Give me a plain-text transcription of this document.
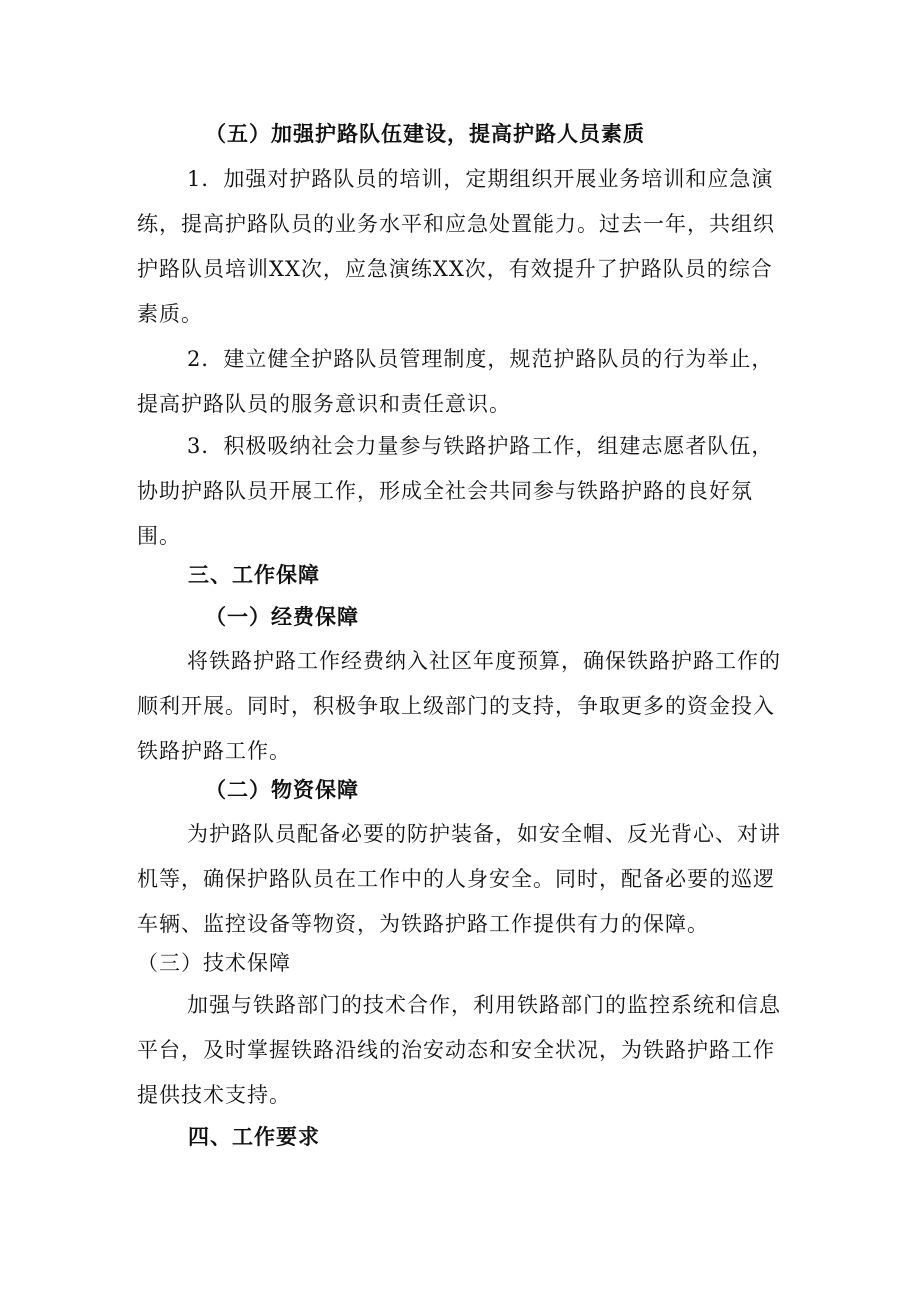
（五）加强护路队伍建设，提高护路人员素质
1．加强对护路队员的培训，定期组织开展业务培训和应急演练，提高护路队员的业务水平和应急处置能力。过去一年，共组织护路队员培训XX次，应急演练XX次，有效提升了护路队员的综合素质。
2．建立健全护路队员管理制度，规范护路队员的行为举止，提高护路队员的服务意识和责任意识。
3．积极吸纳社会力量参与铁路护路工作，组建志愿者队伍，协助护路队员开展工作，形成全社会共同参与铁路护路的良好氛围。
三、工作保障
（一）经费保障
将铁路护路工作经费纳入社区年度预算，确保铁路护路工作的顺利开展。同时，积极争取上级部门的支持，争取更多的资金投入铁路护路工作。
（二）物资保障
为护路队员配备必要的防护装备，如安全帽、反光背心、对讲机等，确保护路队员在工作中的人身安全。同时，配备必要的巡逻车辆、监控设备等物资，为铁路护路工作提供有力的保障。
（三）技术保障
加强与铁路部门的技术合作，利用铁路部门的监控系统和信息平台，及时掌握铁路沿线的治安动态和安全状况，为铁路护路工作提供技术支持。
四、工作要求
